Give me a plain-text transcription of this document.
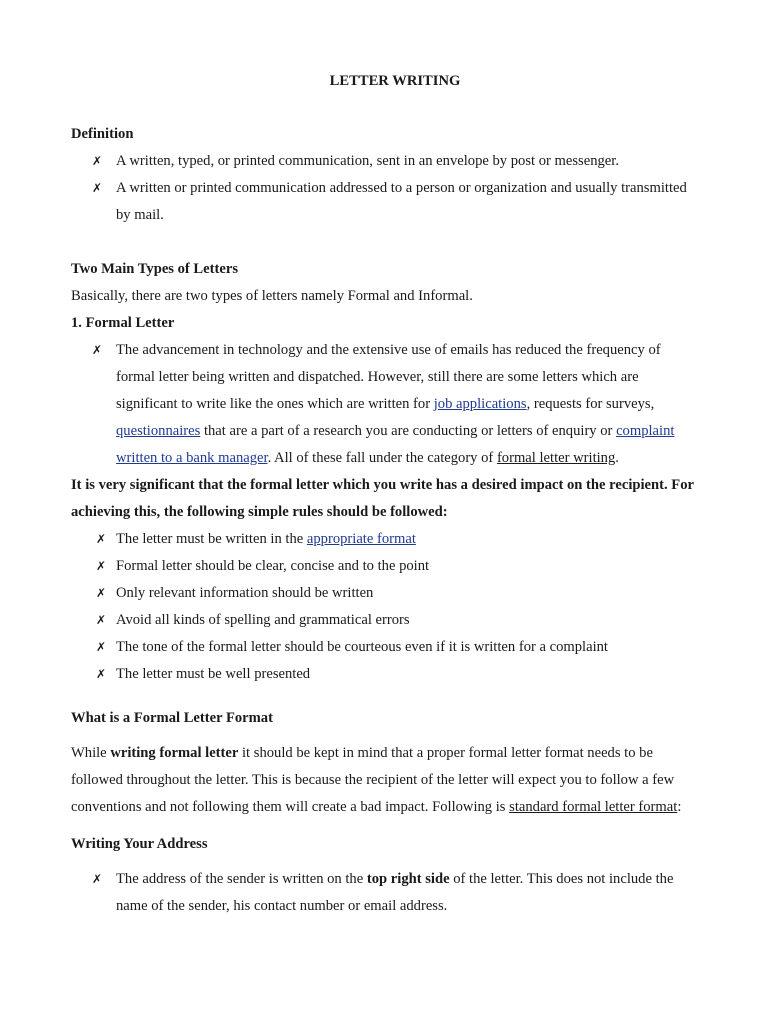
LETTER WRITING

Definition

✗ A written, typed, or printed communication, sent in an envelope by post or messenger.
✗ A written or printed communication addressed to a person or organization and usually transmitted by mail.

Two Main Types of Letters

Basically, there are two types of letters namely Formal and Informal.

1. Formal Letter

✗ The advancement in technology and the extensive use of emails has reduced the frequency of formal letter being written and dispatched. However, still there are some letters which are significant to write like the ones which are written for job applications, requests for surveys, questionnaires that are a part of a research you are conducting or letters of enquiry or complaint written to a bank manager. All of these fall under the category of formal letter writing.

It is very significant that the formal letter which you write has a desired impact on the recipient. For achieving this, the following simple rules should be followed:

✗ The letter must be written in the appropriate format
✗ Formal letter should be clear, concise and to the point
✗ Only relevant information should be written
✗ Avoid all kinds of spelling and grammatical errors
✗ The tone of the formal letter should be courteous even if it is written for a complaint
✗ The letter must be well presented

What is a Formal Letter Format

While writing formal letter it should be kept in mind that a proper formal letter format needs to be followed throughout the letter. This is because the recipient of the letter will expect you to follow a few conventions and not following them will create a bad impact. Following is standard formal letter format:

Writing Your Address

✗ The address of the sender is written on the top right side of the letter. This does not include the name of the sender, his contact number or email address.
